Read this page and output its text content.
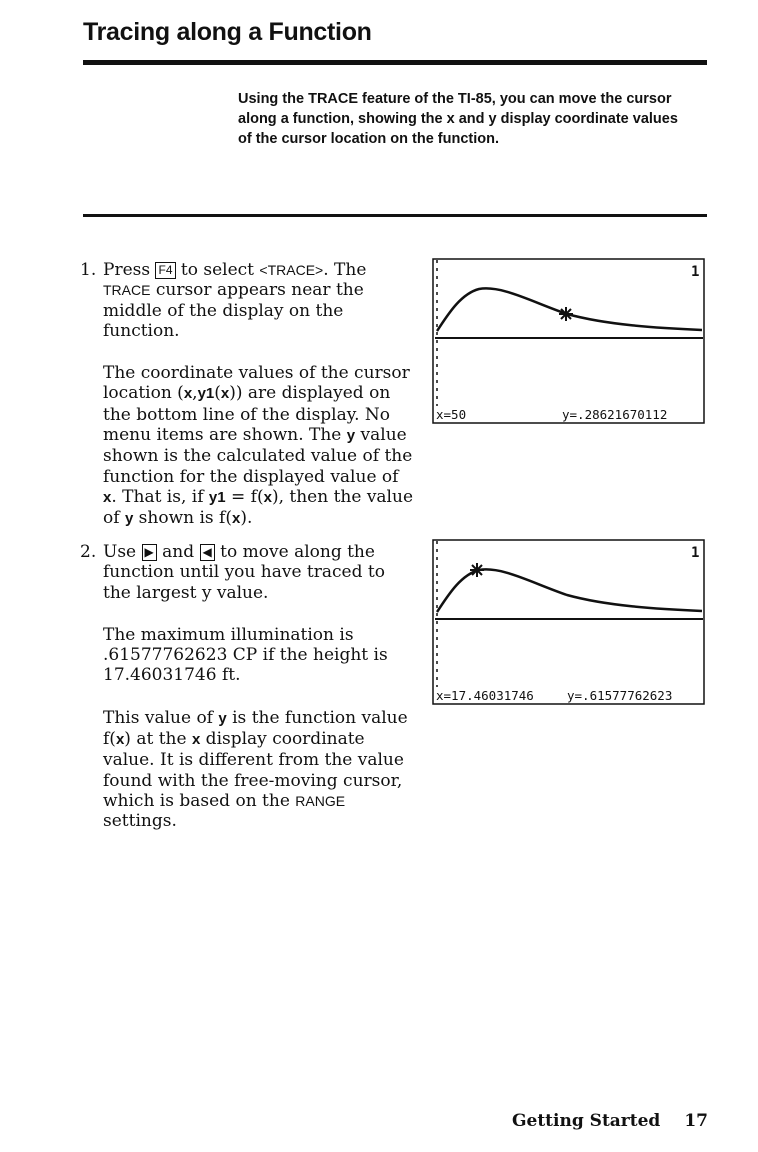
Tracing along a Function

Using the TRACE feature of the TI-85, you can move the cursor along a function, showing the x and y display coordinate values of the cursor location on the function.

1. Press F4 to select <TRACE>. The TRACE cursor appears near the middle of the display on the function.

The coordinate values of the cursor location (x,y1(x)) are displayed on the bottom line of the display. No menu items are shown. The y value shown is the calculated value of the function for the displayed value of x. That is, if y1 = f(x), then the value of y shown is f(x).

2. Use ▶ and ◀ to move along the function until you have traced to the largest y value.

The maximum illumination is .61577762623 CP if the height is 17.46031746 ft.

This value of y is the function value f(x) at the x display coordinate value. It is different from the value found with the free-moving cursor, which is based on the RANGE settings.

1
x=50	y=.28621670112
1
x=17.46031746	y=.61577762623
Getting Started 17
